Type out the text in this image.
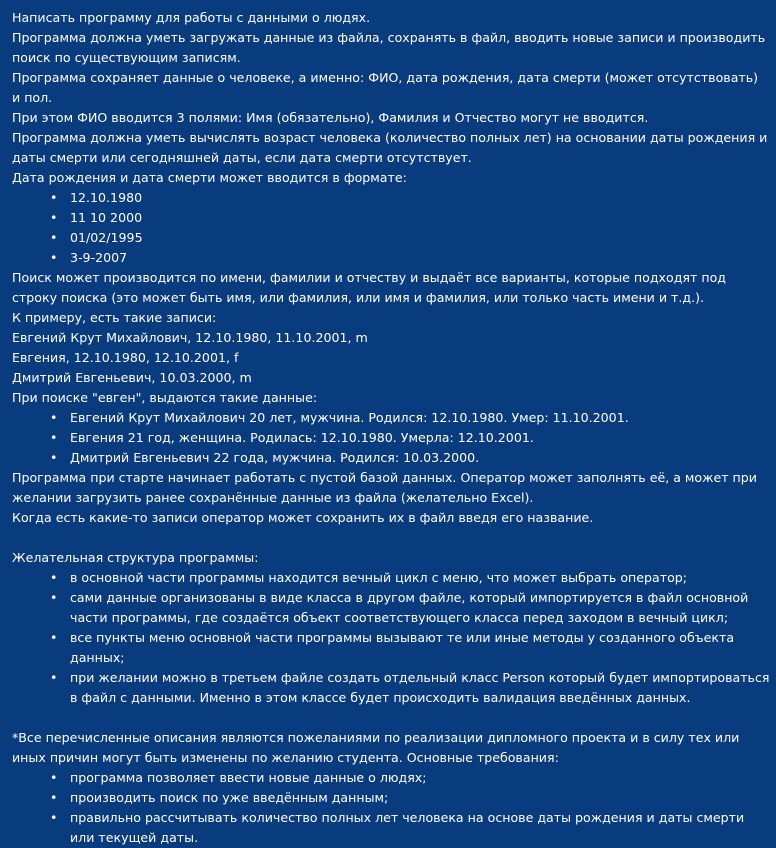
Написать программу для работы с данными о людях.

Программа должна уметь загружать данные из файла, сохранять в файл, вводить новые записи и производить поиск по существующим записям.

Программа сохраняет данные о человеке, а именно: ФИО, дата рождения, дата смерти (может отсутствовать) и пол.

При этом ФИО вводится 3 полями: Имя (обязательно), Фамилия и Отчество могут не вводится.

Программа должна уметь вычислять возраст человека (количество полных лет) на основании даты рождения и даты смерти или сегодняшней даты, если дата смерти отсутствует.

Дата рождения и дата смерти может вводится в формате:

• 12.10.1980
• 11 10 2000
• 01/02/1995
• 3-9-2007

Поиск может производится по имени, фамилии и отчеству и выдаёт все варианты, которые подходят под строку поиска (это может быть имя, или фамилия, или имя и фамилия, или только часть имени и т.д.).

К примеру, есть такие записи:

Евгений Крут Михайлович, 12.10.1980, 11.10.2001, m

Евгения, 12.10.1980, 12.10.2001, f

Дмитрий Евгеньевич, 10.03.2000, m

При поиске "евген", выдаются такие данные:

• Евгений Крут Михайлович 20 лет, мужчина. Родился: 12.10.1980. Умер: 11.10.2001.
• Евгения 21 год, женщина. Родилась: 12.10.1980. Умерла: 12.10.2001.
• Дмитрий Евгеньевич 22 года, мужчина. Родился: 10.03.2000.

Программа при старте начинает работать с пустой базой данных. Оператор может заполнять её, а может при желании загрузить ранее сохранённые данные из файла (желательно Excel).

Когда есть какие-то записи оператор может сохранить их в файл введя его название.

Желательная структура программы:

• в основной части программы находится вечный цикл с меню, что может выбрать оператор;
• сами данные организованы в виде класса в другом файле, который импортируется в файл основной части программы, где создаётся объект соответствующего класса перед заходом в вечный цикл;
• все пункты меню основной части программы вызывают те или иные методы у созданного объекта данных;
• при желании можно в третьем файле создать отдельный класс Person который будет импортироваться в файл с данными. Именно в этом классе будет происходить валидация введённых данных.

*Все перечисленные описания являются пожеланиями по реализации дипломного проекта и в силу тех или иных причин могут быть изменены по желанию студента. Основные требования:

• программа позволяет ввести новые данные о людях;
• производить поиск по уже введённым данным;
• правильно рассчитывать количество полных лет человека на основе даты рождения и даты смерти или текущей даты.
